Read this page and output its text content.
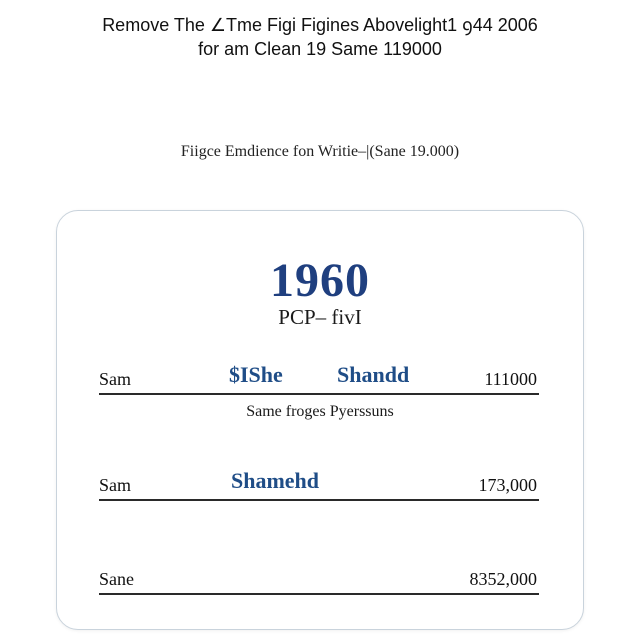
Remove The ∠Tme Figi Figines Abovelight1 ꝯ44 2006
for am Clean 19 Same 119000
Fiigce Emdience fon Writie–|(Sane 19.000)
1960
PCP– fivI
Sam	$IShe Shandd	111000
Same froges Pyerssuns
Sam	Shamehd	173,000
Sane	8352,000
